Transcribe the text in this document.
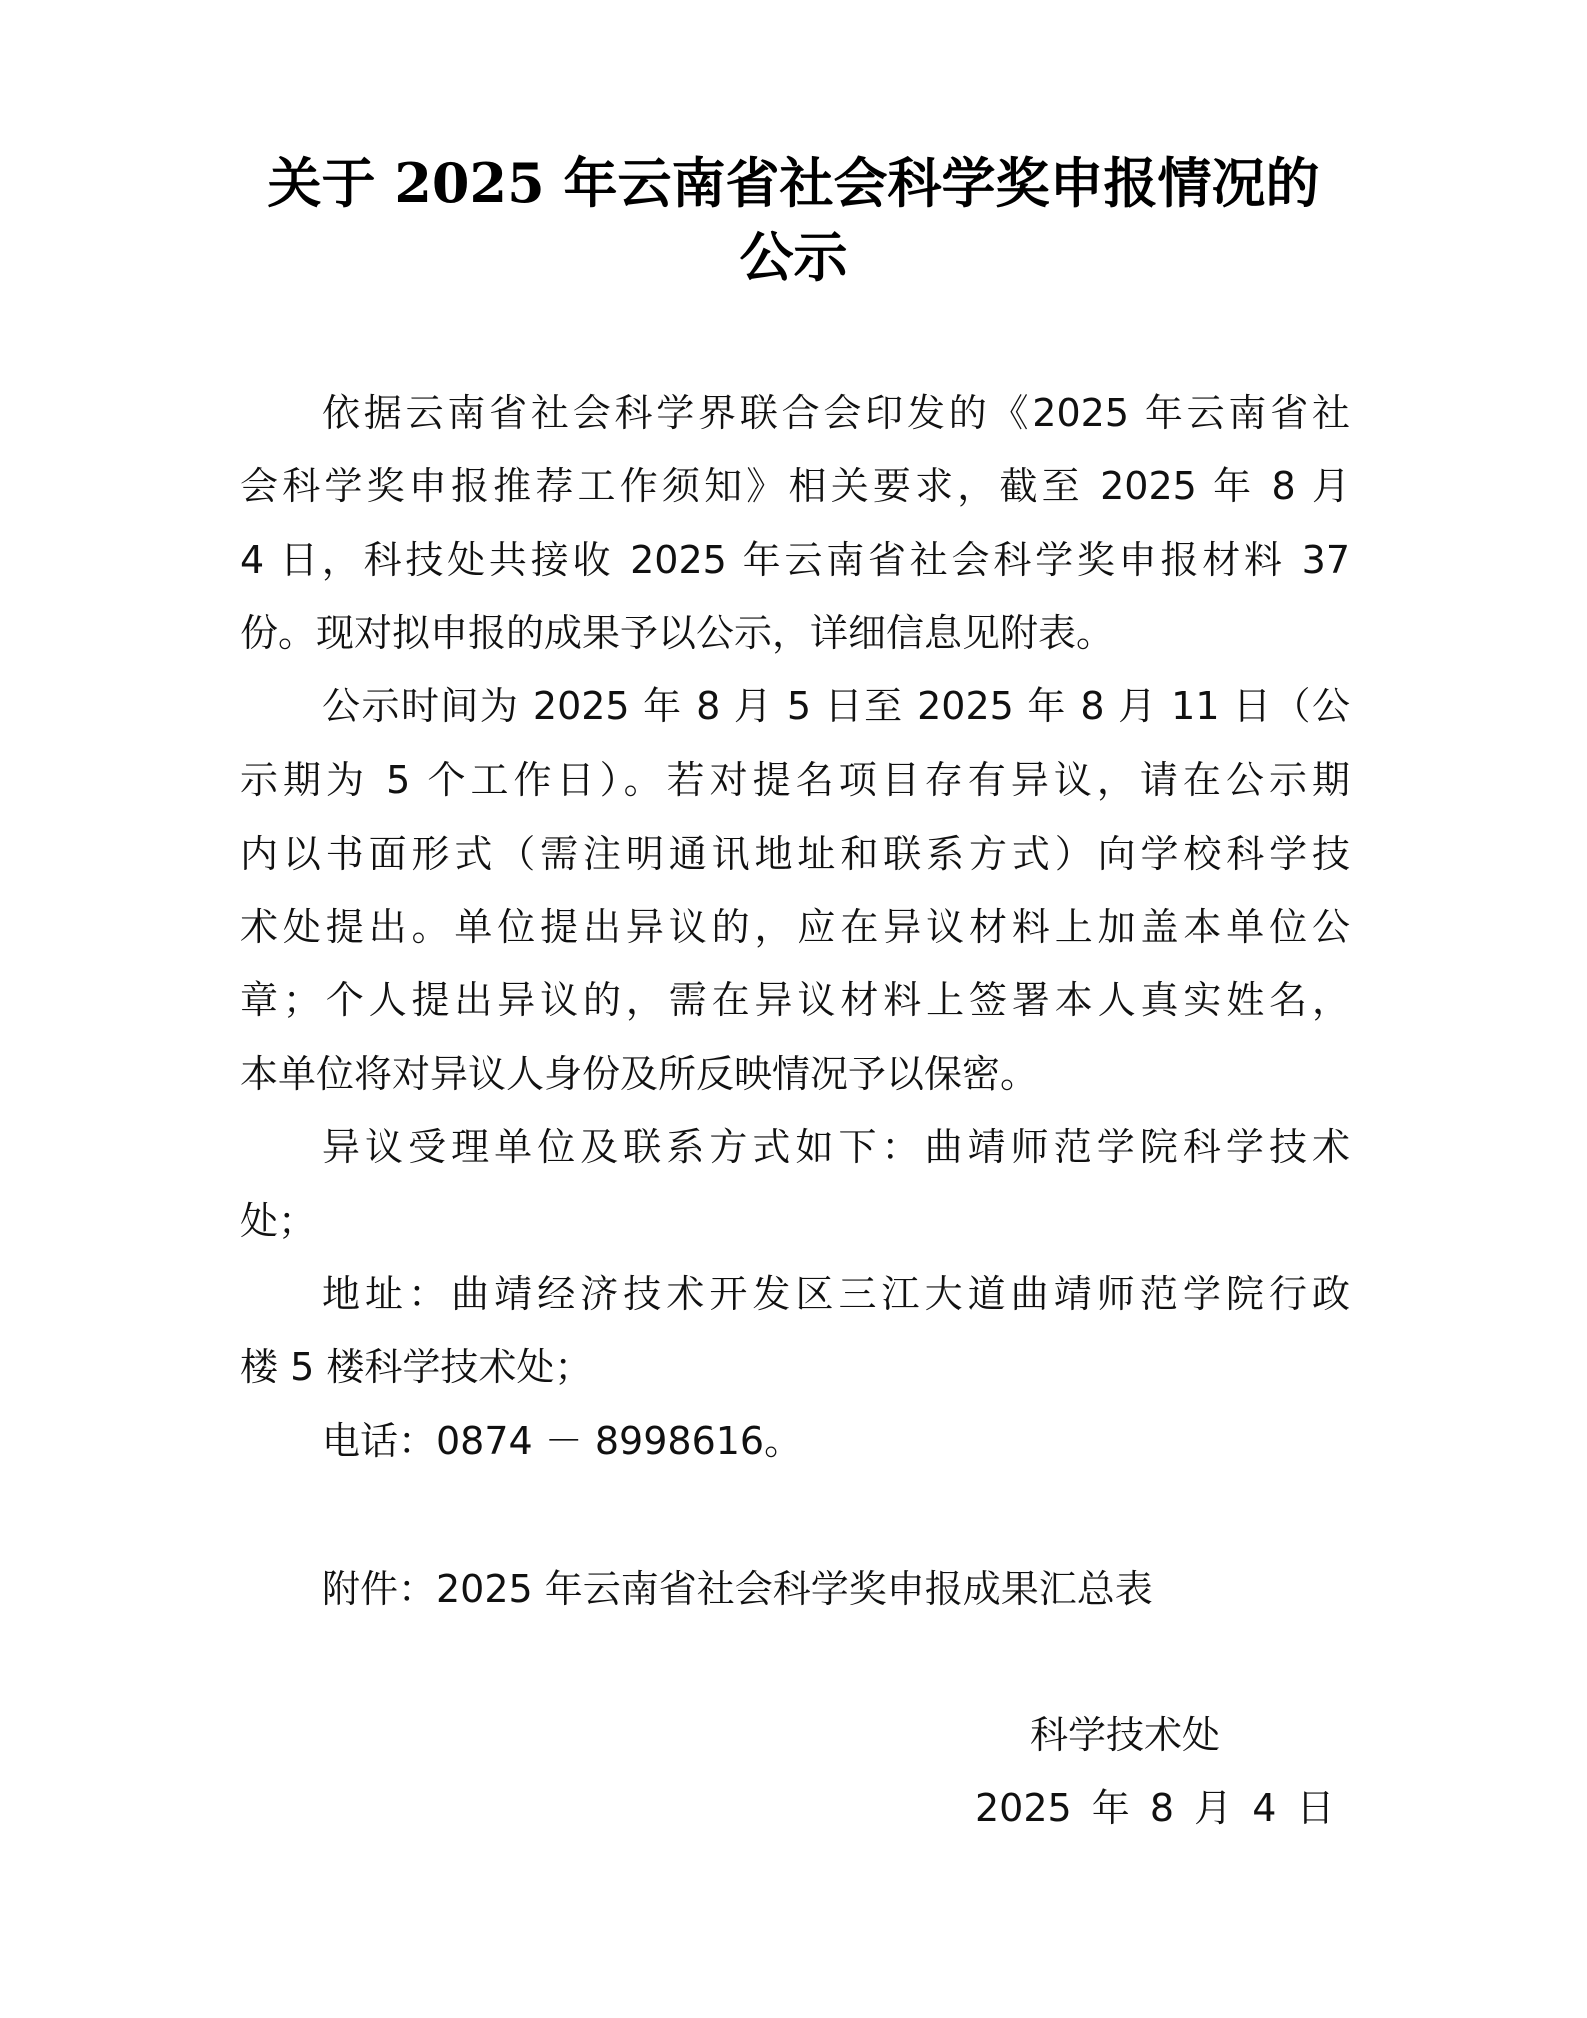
关于 2025 年云南省社会科学奖申报情况的
公示
依据云南省社会科学界联合会印发的《2025 年云南省社
会科学奖申报推荐工作须知》相关要求，截至 2025 年 8 月
4 日，科技处共接收 2025 年云南省社会科学奖申报材料 37
份。现对拟申报的成果予以公示，详细信息见附表。
公示时间为 2025 年 8 月 5 日至 2025 年 8 月 11 日（公
示期为 5 个工作日）。若对提名项目存有异议，请在公示期
内以书面形式（需注明通讯地址和联系方式）向学校科学技
术处提出。单位提出异议的，应在异议材料上加盖本单位公
章；个人提出异议的，需在异议材料上签署本人真实姓名，
本单位将对异议人身份及所反映情况予以保密。
异议受理单位及联系方式如下：曲靖师范学院科学技术
处；
地址：曲靖经济技术开发区三江大道曲靖师范学院行政
楼 5 楼科学技术处；
电话：0874 － 8998616。
附件：2025 年云南省社会科学奖申报成果汇总表
科学技术处
2025 年 8 月 4 日
